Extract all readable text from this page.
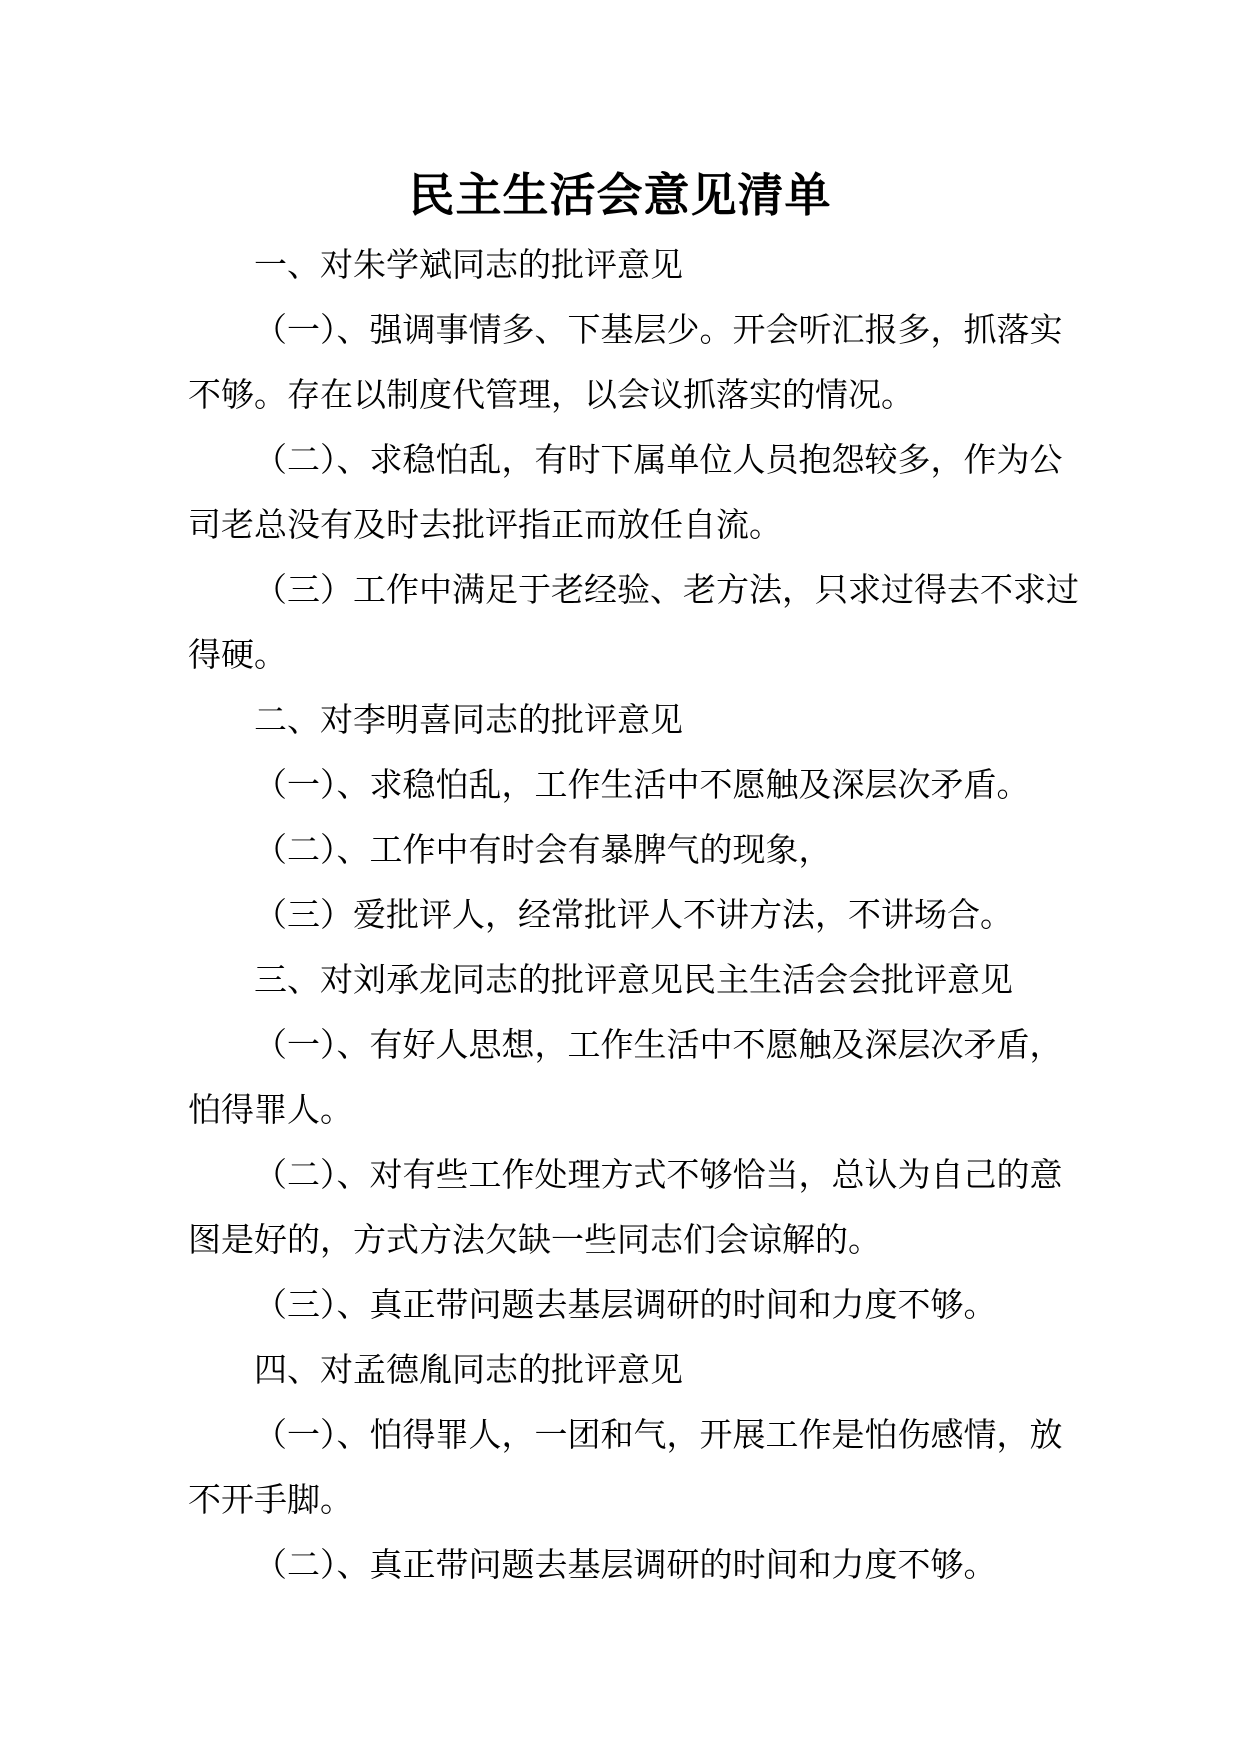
民主生活会意见清单

一、对朱学斌同志的批评意见

（一）、强调事情多、下基层少。开会听汇报多，抓落实不够。存在以制度代管理，以会议抓落实的情况。

（二）、求稳怕乱，有时下属单位人员抱怨较多，作为公司老总没有及时去批评指正而放任自流。

（三）工作中满足于老经验、老方法，只求过得去不求过得硬。

二、对李明喜同志的批评意见

（一）、求稳怕乱，工作生活中不愿触及深层次矛盾。

（二）、工作中有时会有暴脾气的现象，

（三）爱批评人，经常批评人不讲方法，不讲场合。

三、对刘承龙同志的批评意见民主生活会会批评意见

（一）、有好人思想，工作生活中不愿触及深层次矛盾，怕得罪人。

（二）、对有些工作处理方式不够恰当，总认为自己的意图是好的，方式方法欠缺一些同志们会谅解的。

（三）、真正带问题去基层调研的时间和力度不够。

四、对孟德胤同志的批评意见

（一）、怕得罪人，一团和气，开展工作是怕伤感情，放不开手脚。

（二）、真正带问题去基层调研的时间和力度不够。
